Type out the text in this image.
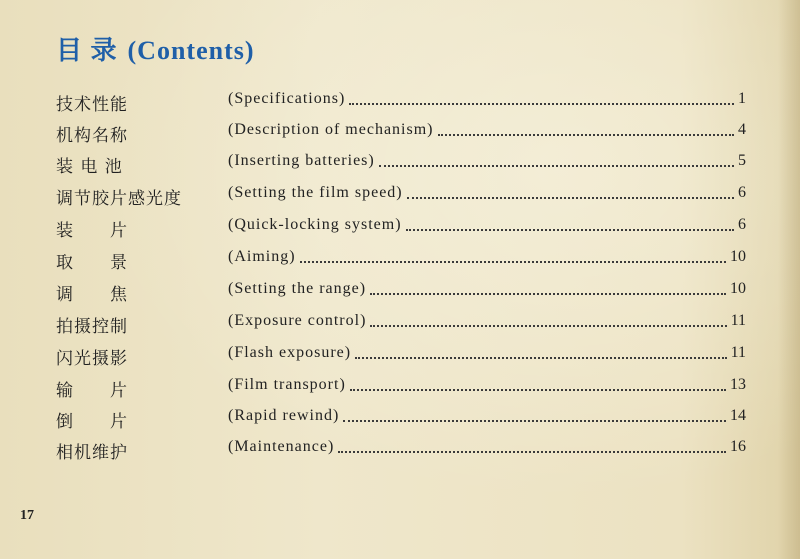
目 录 (Contents)
技术性能	(Specifications)	1
机构名称	(Description of mechanism)	4
装 电 池	(Inserting batteries)	5
调节胶片感光度	(Setting the film speed)	6
装　　片	(Quick-locking system)	6
取　　景	(Aiming)	10
调　　焦	(Setting the range)	10
拍摄控制	(Exposure control)	11
闪光摄影	(Flash exposure)	11
输　　片	(Film transport)	13
倒　　片	(Rapid rewind)	14
相机维护	(Maintenance)	16
17
